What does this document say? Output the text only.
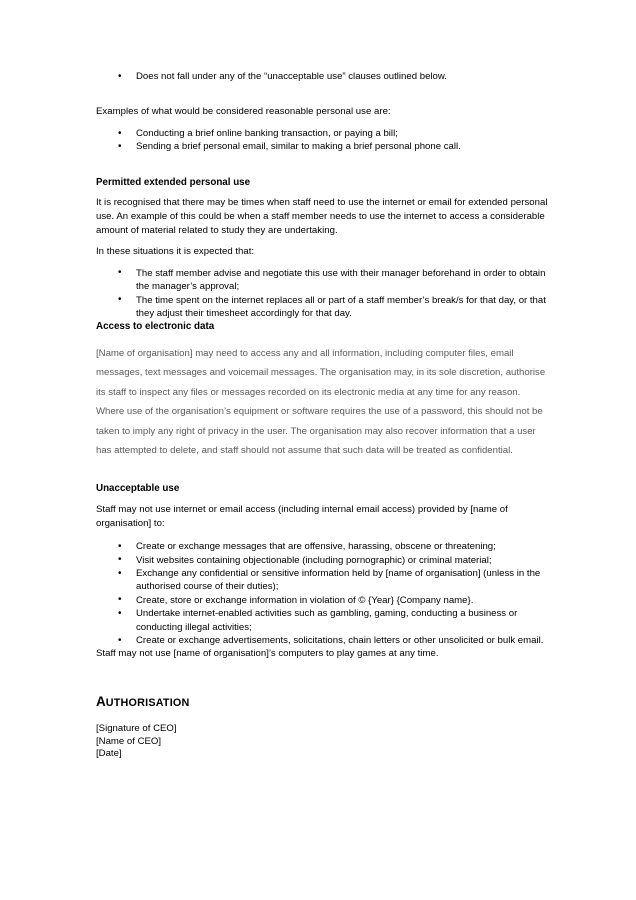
• Does not fall under any of the “unacceptable use” clauses outlined below.

Examples of what would be considered reasonable personal use are:

• Conducting a brief online banking transaction, or paying a bill;
• Sending a brief personal email, similar to making a brief personal phone call.
Permitted extended personal use

It is recognised that there may be times when staff need to use the internet or email for extended personal use. An example of this could be when a staff member needs to use the internet to access a considerable amount of material related to study they are undertaking.

In these situations it is expected that:

• The staff member advise and negotiate this use with their manager beforehand in order to obtain the manager’s approval;
• The time spent on the internet replaces all or part of a staff member’s break/s for that day, or that they adjust their timesheet accordingly for that day.
Access to electronic data

[Name of organisation] may need to access any and all information, including computer files, email messages, text messages and voicemail messages. The organisation may, in its sole discretion, authorise its staff to inspect any files or messages recorded on its electronic media at any time for any reason. Where use of the organisation’s equipment or software requires the use of a password, this should not be taken to imply any right of privacy in the user. The organisation may also recover information that a user has attempted to delete, and staff should not assume that such data will be treated as confidential.

Unacceptable use

Staff may not use internet or email access (including internal email access) provided by [name of organisation] to:

• Create or exchange messages that are offensive, harassing, obscene or threatening;
• Visit websites containing objectionable (including pornographic) or criminal material;
• Exchange any confidential or sensitive information held by [name of organisation] (unless in the authorised course of their duties);
• Create, store or exchange information in violation of © {Year} {Company name}.
• Undertake internet-enabled activities such as gambling, gaming, conducting a business or conducting illegal activities;
• Create or exchange advertisements, solicitations, chain letters or other unsolicited or bulk email.

Staff may not use [name of organisation]’s computers to play games at any time.

AUTHORISATION

[Signature of CEO]

[Name of CEO]

[Date]
